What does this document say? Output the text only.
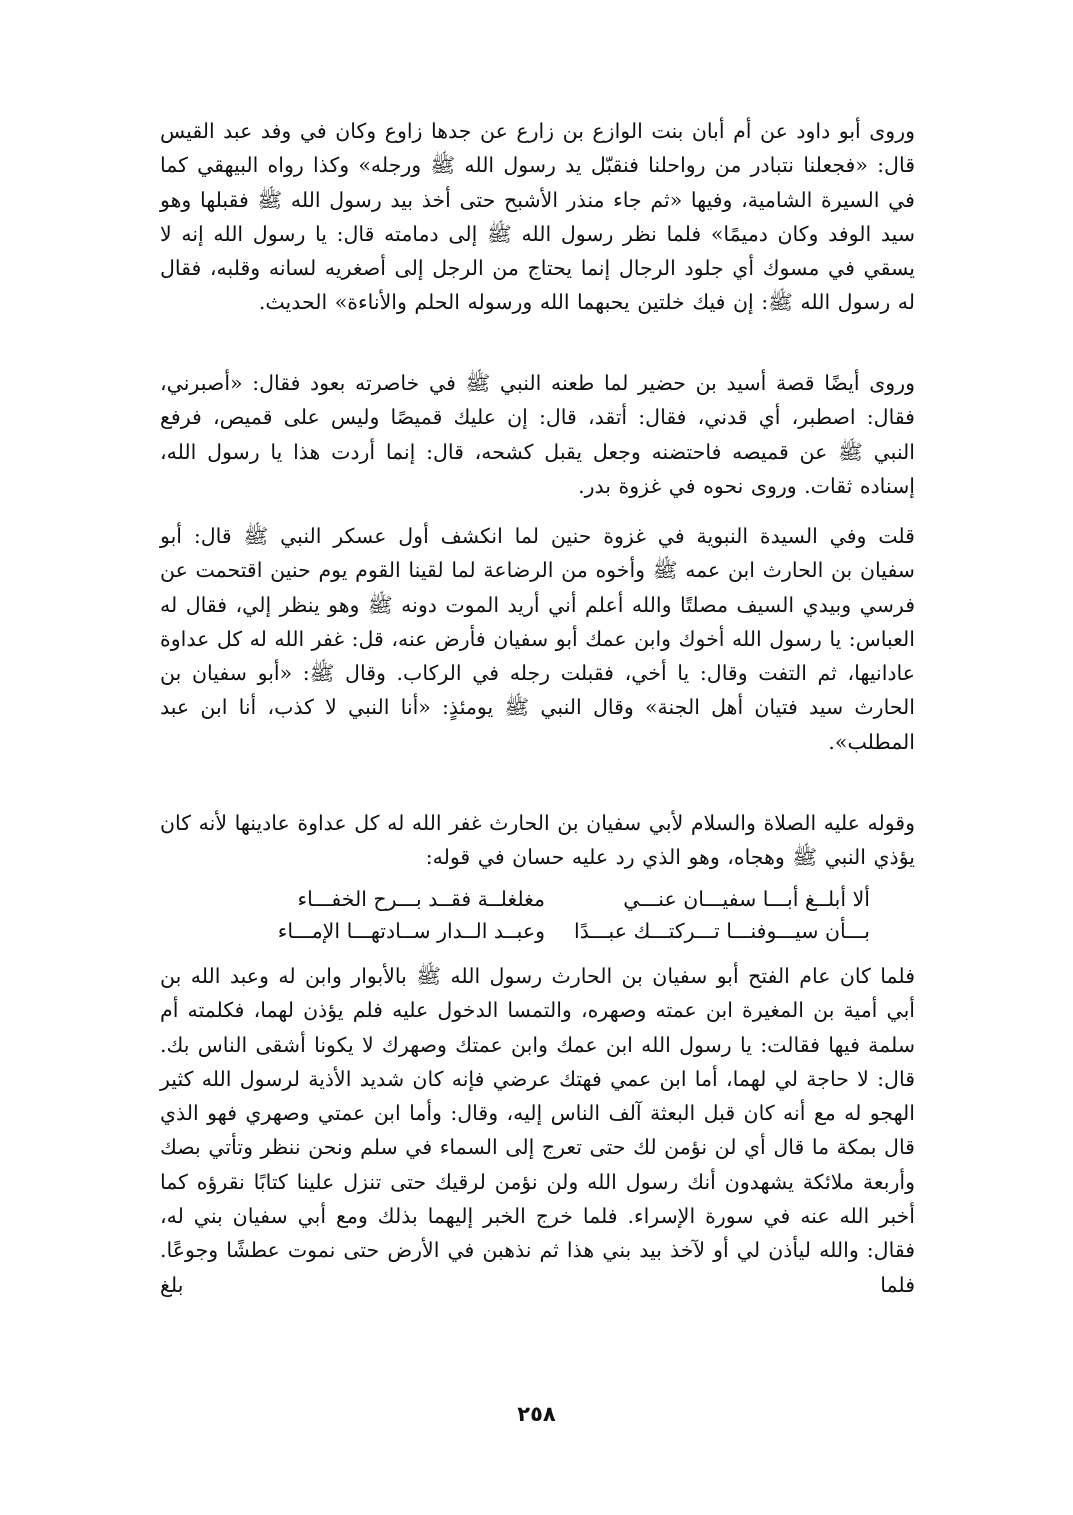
وروى أبو داود عن أم أبان بنت الوازع بن زارع عن جدها زاوع وكان في وفد عبد القيس قال: «فجعلنا نتبادر من رواحلنا فنقبّل يد رسول الله ﷺ ورجله» وكذا رواه البيهقي كما في السيرة الشامية، وفيها «ثم جاء منذر الأشبح حتى أخذ بيد رسول الله ﷺ فقبلها وهو سيد الوفد وكان دميمًا» فلما نظر رسول الله ﷺ إلى دمامته قال: يا رسول الله إنه لا يسقي في مسوك أي جلود الرجال إنما يحتاج من الرجل إلى أصغريه لسانه وقلبه، فقال له رسول الله ﷺ: إن فيك خلتين يحبهما الله ورسوله الحلم والأناءة» الحديث.

وروى أيضًا قصة أسيد بن حضير لما طعنه النبي ﷺ في خاصرته بعود فقال: «أصبرني، فقال: اصطبر، أي قدني، فقال: أتقد، قال: إن عليك قميصًا وليس على قميص، فرفع النبي ﷺ عن قميصه فاحتضنه وجعل يقبل كشحه، قال: إنما أردت هذا يا رسول الله، إسناده ثقات. وروى نحوه في غزوة بدر.

قلت وفي السيدة النبوية في غزوة حنين لما انكشف أول عسكر النبي ﷺ قال: أبو سفيان بن الحارث ابن عمه ﷺ وأخوه من الرضاعة لما لقينا القوم يوم حنين اقتحمت عن فرسي وبيدي السيف مصلتًا والله أعلم أني أريد الموت دونه ﷺ وهو ينظر إلي، فقال له العباس: يا رسول الله أخوك وابن عمك أبو سفيان فأرض عنه، قل: غفر الله له كل عداوة عادانيها، ثم التفت وقال: يا أخي، فقبلت رجله في الركاب. وقال ﷺ: «أبو سفيان بن الحارث سيد فتيان أهل الجنة» وقال النبي ﷺ يومئذٍ: «أنا النبي لا كذب، أنا ابن عبد المطلب».

وقوله عليه الصلاة والسلام لأبي سفيان بن الحارث غفر الله له كل عداوة عادينها لأنه كان يؤذي النبي ﷺ وهجاه، وهو الذي رد عليه حسان في قوله:

ألا أبلــغ أبـــا سفيـــان عنـــي
مغلغلــة فقــد بـــرح الخفـــاء
بـــأن سيـــوفنـــا تـــركتـــك عبـــدًا
وعبــد الــدار ســادتهـــا الإمـــاء

فلما كان عام الفتح أبو سفيان بن الحارث رسول الله ﷺ بالأبوار وابن له وعبد الله بن أبي أمية بن المغيرة ابن عمته وصهره، والتمسا الدخول عليه فلم يؤذن لهما، فكلمته أم سلمة فيها فقالت: يا رسول الله ابن عمك وابن عمتك وصهرك لا يكونا أشقى الناس بك. قال: لا حاجة لي لهما، أما ابن عمي فهتك عرضي فإنه كان شديد الأذية لرسول الله كثير الهجو له مع أنه كان قبل البعثة آلف الناس إليه، وقال: وأما ابن عمتي وصهري فهو الذي قال بمكة ما قال أي لن نؤمن لك حتى تعرج إلى السماء في سلم ونحن ننظر وتأتي بصك وأربعة ملائكة يشهدون أنك رسول الله ولن نؤمن لرقيك حتى تنزل علينا كتابًا نقرؤه كما أخبر الله عنه في سورة الإسراء. فلما خرج الخبر إليهما بذلك ومع أبي سفيان بني له، فقال: والله ليأذن لي أو لآخذ بيد بني هذا ثم نذهبن في الأرض حتى نموت عطشًا وجوعًا. فلما بلغ

٢٥٨
